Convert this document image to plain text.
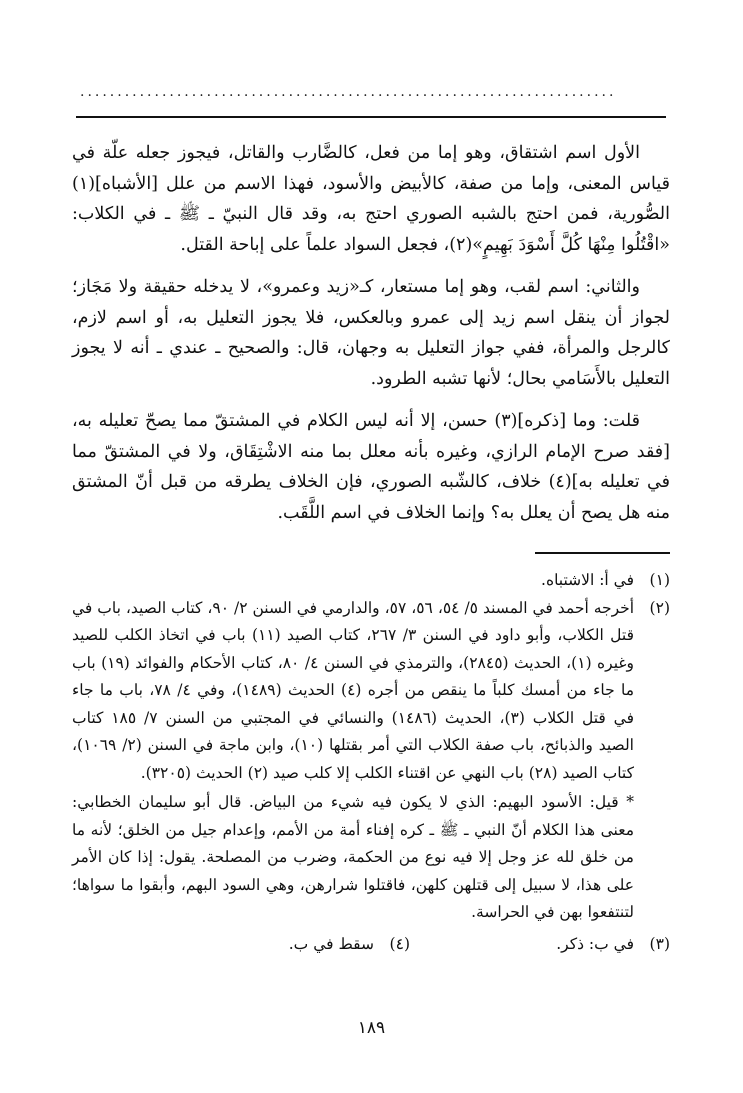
........................................................................

الأول اسم اشتقاق، وهو إما من فعل، كالضَّارب والقاتل، فيجوز جعله علّة في قياس المعنى، وإما من صفة، كالأبيض والأسود، فهذا الاسم من علل [الأشباه](١) الصُّورية، فمن احتج بالشبه الصوري احتج به، وقد قال النبيّ ـ ﷺ ـ في الكلاب: «اقْتُلُوا مِنْهَا كُلَّ أَسْوَدَ بَهِيمٍ»(٢)، فجعل السواد علماً على إباحة القتل.

والثاني: اسم لقب، وهو إما مستعار، كـ«زيد وعمرو»، لا يدخله حقيقة ولا مَجَاز؛ لجواز أن ينقل اسم زيد إلى عمرو وبالعكس، فلا يجوز التعليل به، أو اسم لازم، كالرجل والمرأة، ففي جواز التعليل به وجهان، قال: والصحيح ـ عندي ـ أنه لا يجوز التعليل بالأَسَامي بحال؛ لأنها تشبه الطرود.

قلت: وما [ذكره](٣) حسن، إلا أنه ليس الكلام في المشتقّ مما يصحّ تعليله به، [فقد صرح الإمام الرازي، وغيره بأنه معلل بما منه الاشْتِقَاق، ولا في المشتقّ مما في تعليله به](٤) خلاف، كالشّبه الصوري، فإن الخلاف يطرقه من قبل أنّ المشتق منه هل يصح أن يعلل به؟ وإنما الخلاف في اسم اللَّقَب.

(١)
في أ: الاشتباه.
(٢)
أخرجه أحمد في المسند ٥/ ٥٤، ٥٦، ٥٧، والدارمي في السنن ٢/ ٩٠، كتاب الصيد، باب في قتل الكلاب، وأبو داود في السنن ٣/ ٢٦٧، كتاب الصيد (١١) باب في اتخاذ الكلب للصيد وغيره (١)، الحديث (٢٨٤٥)، والترمذي في السنن ٤/ ٨٠، كتاب الأحكام والفوائد (١٩) باب ما جاء من أمسك كلباً ما ينقص من أجره (٤) الحديث (١٤٨٩)، وفي ٤/ ٧٨، باب ما جاء في قتل الكلاب (٣)، الحديث (١٤٨٦) والنسائي في المجتبي من السنن ٧/ ١٨٥ كتاب الصيد والذبائح، باب صفة الكلاب التي أمر بقتلها (١٠)، وابن ماجة في السنن (٢/ ١٠٦٩)، كتاب الصيد (٢٨) باب النهي عن اقتناء الكلب إلا كلب صيد (٢) الحديث (٣٢٠٥).
* قيل: الأسود البهيم: الذي لا يكون فيه شيء من البياض. قال أبو سليمان الخطابي: معنى هذا الكلام أنّ النبي ـ ﷺ ـ كره إفناء أمة من الأمم، وإعدام جيل من الخلق؛ لأنه ما من خلق لله عز وجل إلا فيه نوع من الحكمة، وضرب من المصلحة. يقول: إذا كان الأمر على هذا، لا سبيل إلى قتلهن كلهن، فاقتلوا شرارهن، وهي السود البهم، وأبقوا ما سواها؛ لتنتفعوا بهن في الحراسة.
(٣)
في ب: ذكر.
(٤)
سقط في ب.
١٨٩
